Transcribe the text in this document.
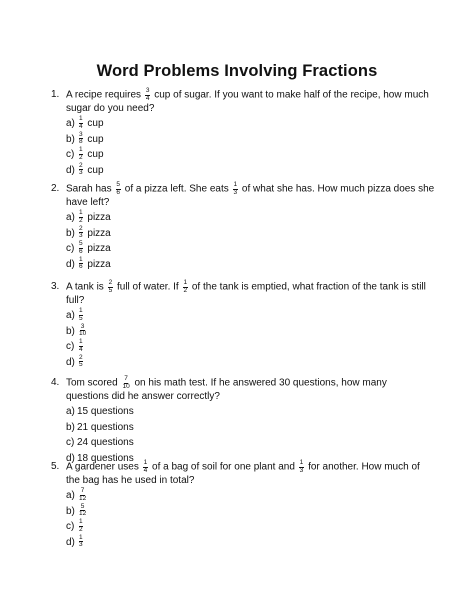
Word Problems Involving Fractions
1. A recipe requires $\frac{3}{4}$ cup of sugar. If you want to make half of the recipe, how much
sugar do you need?
$a) \frac{1}{4}$ cup
$b) \frac{3}{8}$ cup
$c) \frac{1}{2}$ cup
$d) \frac{2}{3}$ cup
2. Sarah has $\frac{5}{6}$ of a pizza left. She eats $\frac{1}{3}$ of what she has. How much pizza does she
have left?
$a) \frac{1}{2}$ pizza
$b) \frac{2}{3}$ pizza
$c) \frac{5}{6}$ pizza
$d) \frac{1}{6}$ pizza
3. A tank is $\frac{2}{5}$ full of water. If $\frac{1}{2}$ of the tank is emptied, what fraction of the tank is still
full?
$a) \frac{1}{5}$
$b) \frac{3}{10}$
$c) \frac{1}{4}$
$d) \frac{2}{5}$
4. Tom scored $\frac{7}{10}$ on his math test. If he answered 30 questions, how many
questions did he answer correctly?
a) 15 questions
b) 21 questions
c) 24 questions
d) 18 questions
5. A gardener uses $\frac{1}{4}$ of a bag of soil for one plant and $\frac{1}{3}$ for another. How much of
the bag has he used in total?
$a) \frac{7}{12}$
$b) \frac{5}{12}$
$c) \frac{1}{2}$
$d) \frac{1}{3}$
